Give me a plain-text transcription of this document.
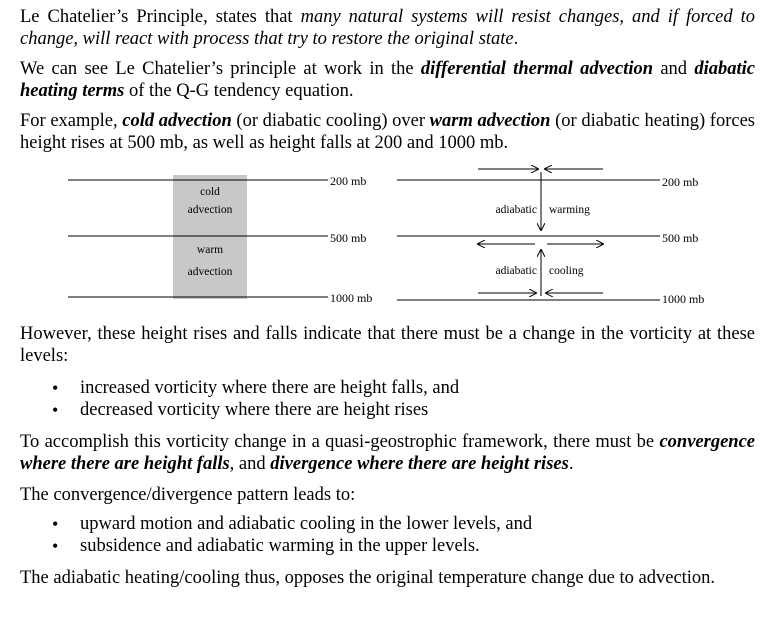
Le Chatelier’s Principle, states that many natural systems will resist changes, and if forced to change, will react with process that try to restore the original state.

We can see Le Chatelier’s principle at work in the differential thermal advection and diabatic heating terms of the Q-G tendency equation.

For example, cold advection (or diabatic cooling) over warm advection (or diabatic heating) forces height rises at 500 mb, as well as height falls at 200 and 1000 mb.

200 mb
500 mb
1000 mb
cold
advection
warm
advection
200 mb
500 mb
1000 mb
adiabatic warming
adiabatic cooling

However, these height rises and falls indicate that there must be a change in the vorticity at these levels:

• increased vorticity where there are height falls, and
• decreased vorticity where there are height rises

To accomplish this vorticity change in a quasi-geostrophic framework, there must be convergence where there are height falls, and divergence where there are height rises.

The convergence/divergence pattern leads to:

• upward motion and adiabatic cooling in the lower levels, and
• subsidence and adiabatic warming in the upper levels.

The adiabatic heating/cooling thus, opposes the original temperature change due to advection.
